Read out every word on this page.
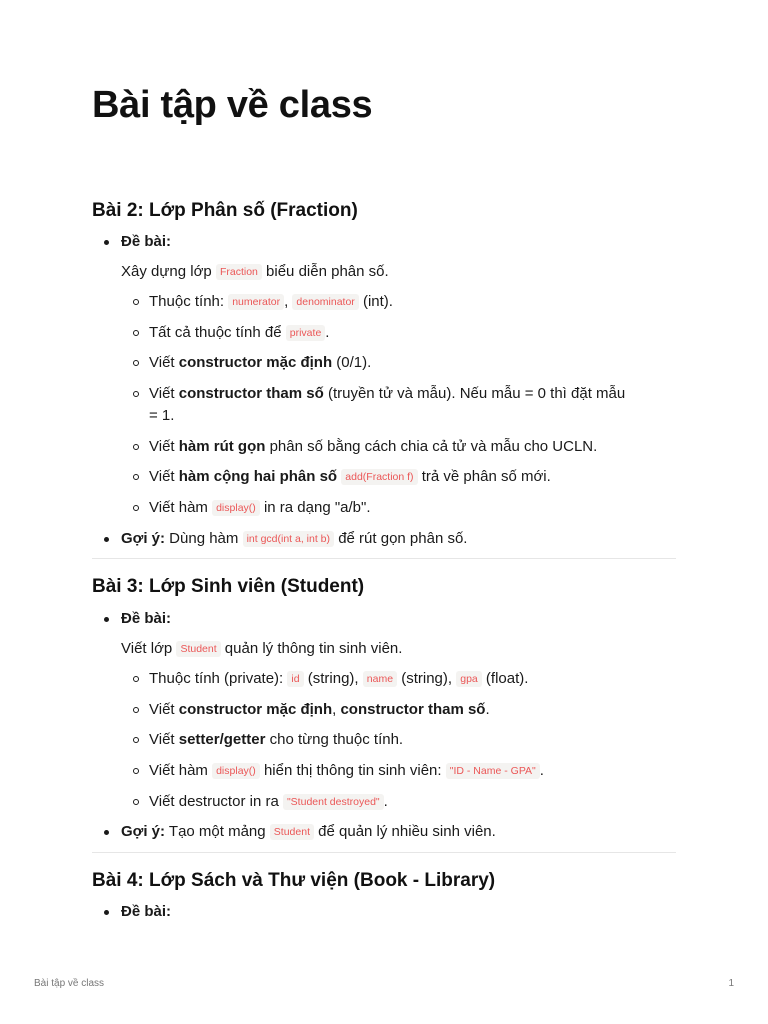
Bài tập về class
Bài 2: Lớp Phân số (Fraction)
Đề bài:
Xây dựng lớp Fraction biểu diễn phân số.
Thuộc tính: numerator , denominator (int).
Tất cả thuộc tính để private .
Viết constructor mặc định (0/1).
Viết constructor tham số (truyền tử và mẫu). Nếu mẫu = 0 thì đặt mẫu
= 1.
Viết hàm rút gọn phân số bằng cách chia cả tử và mẫu cho UCLN.
Viết hàm cộng hai phân số add(Fraction f) trả về phân số mới.
Viết hàm display() in ra dạng "a/b".
Gợi ý: Dùng hàm int gcd(int a, int b) để rút gọn phân số.
Bài 3: Lớp Sinh viên (Student)
Đề bài:
Viết lớp Student quản lý thông tin sinh viên.
Thuộc tính (private): id (string), name (string), gpa (float).
Viết constructor mặc định, constructor tham số.
Viết setter/getter cho từng thuộc tính.
Viết hàm display() hiển thị thông tin sinh viên: "ID - Name - GPA" .
Viết destructor in ra "Student destroyed" .
Gợi ý: Tạo một mảng Student để quản lý nhiều sinh viên.
Bài 4: Lớp Sách và Thư viện (Book - Library)
Đề bài:
Bài tập về class	1
